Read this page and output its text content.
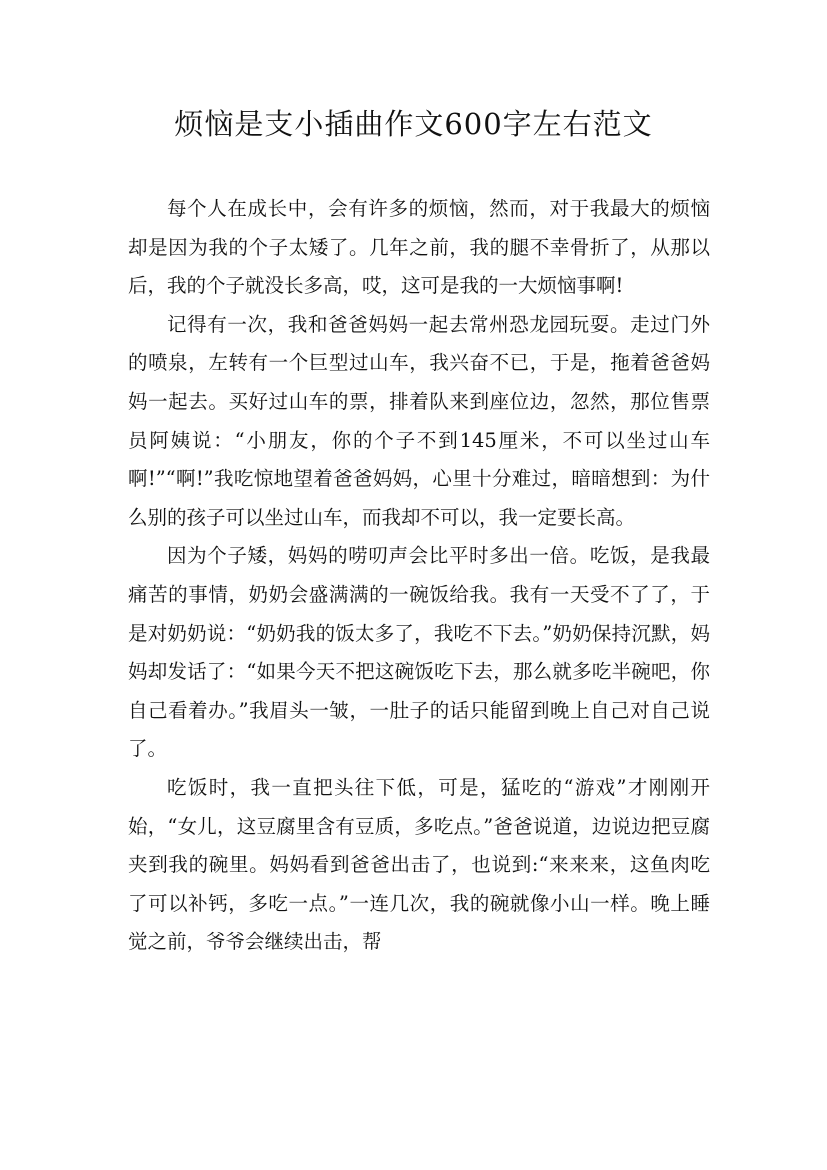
烦恼是支小插曲作文600字左右范文

每个人在成长中，会有许多的烦恼，然而，对于我最大的烦恼却是因为我的个子太矮了。几年之前，我的腿不幸骨折了，从那以后，我的个子就没长多高，哎，这可是我的一大烦恼事啊!

记得有一次，我和爸爸妈妈一起去常州恐龙园玩耍。走过门外的喷泉，左转有一个巨型过山车，我兴奋不已，于是，拖着爸爸妈妈一起去。买好过山车的票，排着队来到座位边，忽然，那位售票员阿姨说：“小朋友，你的个子不到145厘米，不可以坐过山车啊!”“啊!”我吃惊地望着爸爸妈妈，心里十分难过，暗暗想到：为什么别的孩子可以坐过山车，而我却不可以，我一定要长高。

因为个子矮，妈妈的唠叨声会比平时多出一倍。吃饭，是我最痛苦的事情，奶奶会盛满满的一碗饭给我。我有一天受不了了，于是对奶奶说：“奶奶我的饭太多了，我吃不下去。”奶奶保持沉默，妈妈却发话了：“如果今天不把这碗饭吃下去，那么就多吃半碗吧，你自己看着办。”我眉头一皱，一肚子的话只能留到晚上自己对自己说了。

吃饭时，我一直把头往下低，可是，猛吃的“游戏”才刚刚开始，“女儿，这豆腐里含有豆质，多吃点。”爸爸说道，边说边把豆腐夹到我的碗里。妈妈看到爸爸出击了，也说到:“来来来，这鱼肉吃了可以补钙，多吃一点。”一连几次，我的碗就像小山一样。晚上睡觉之前，爷爷会继续出击，帮
